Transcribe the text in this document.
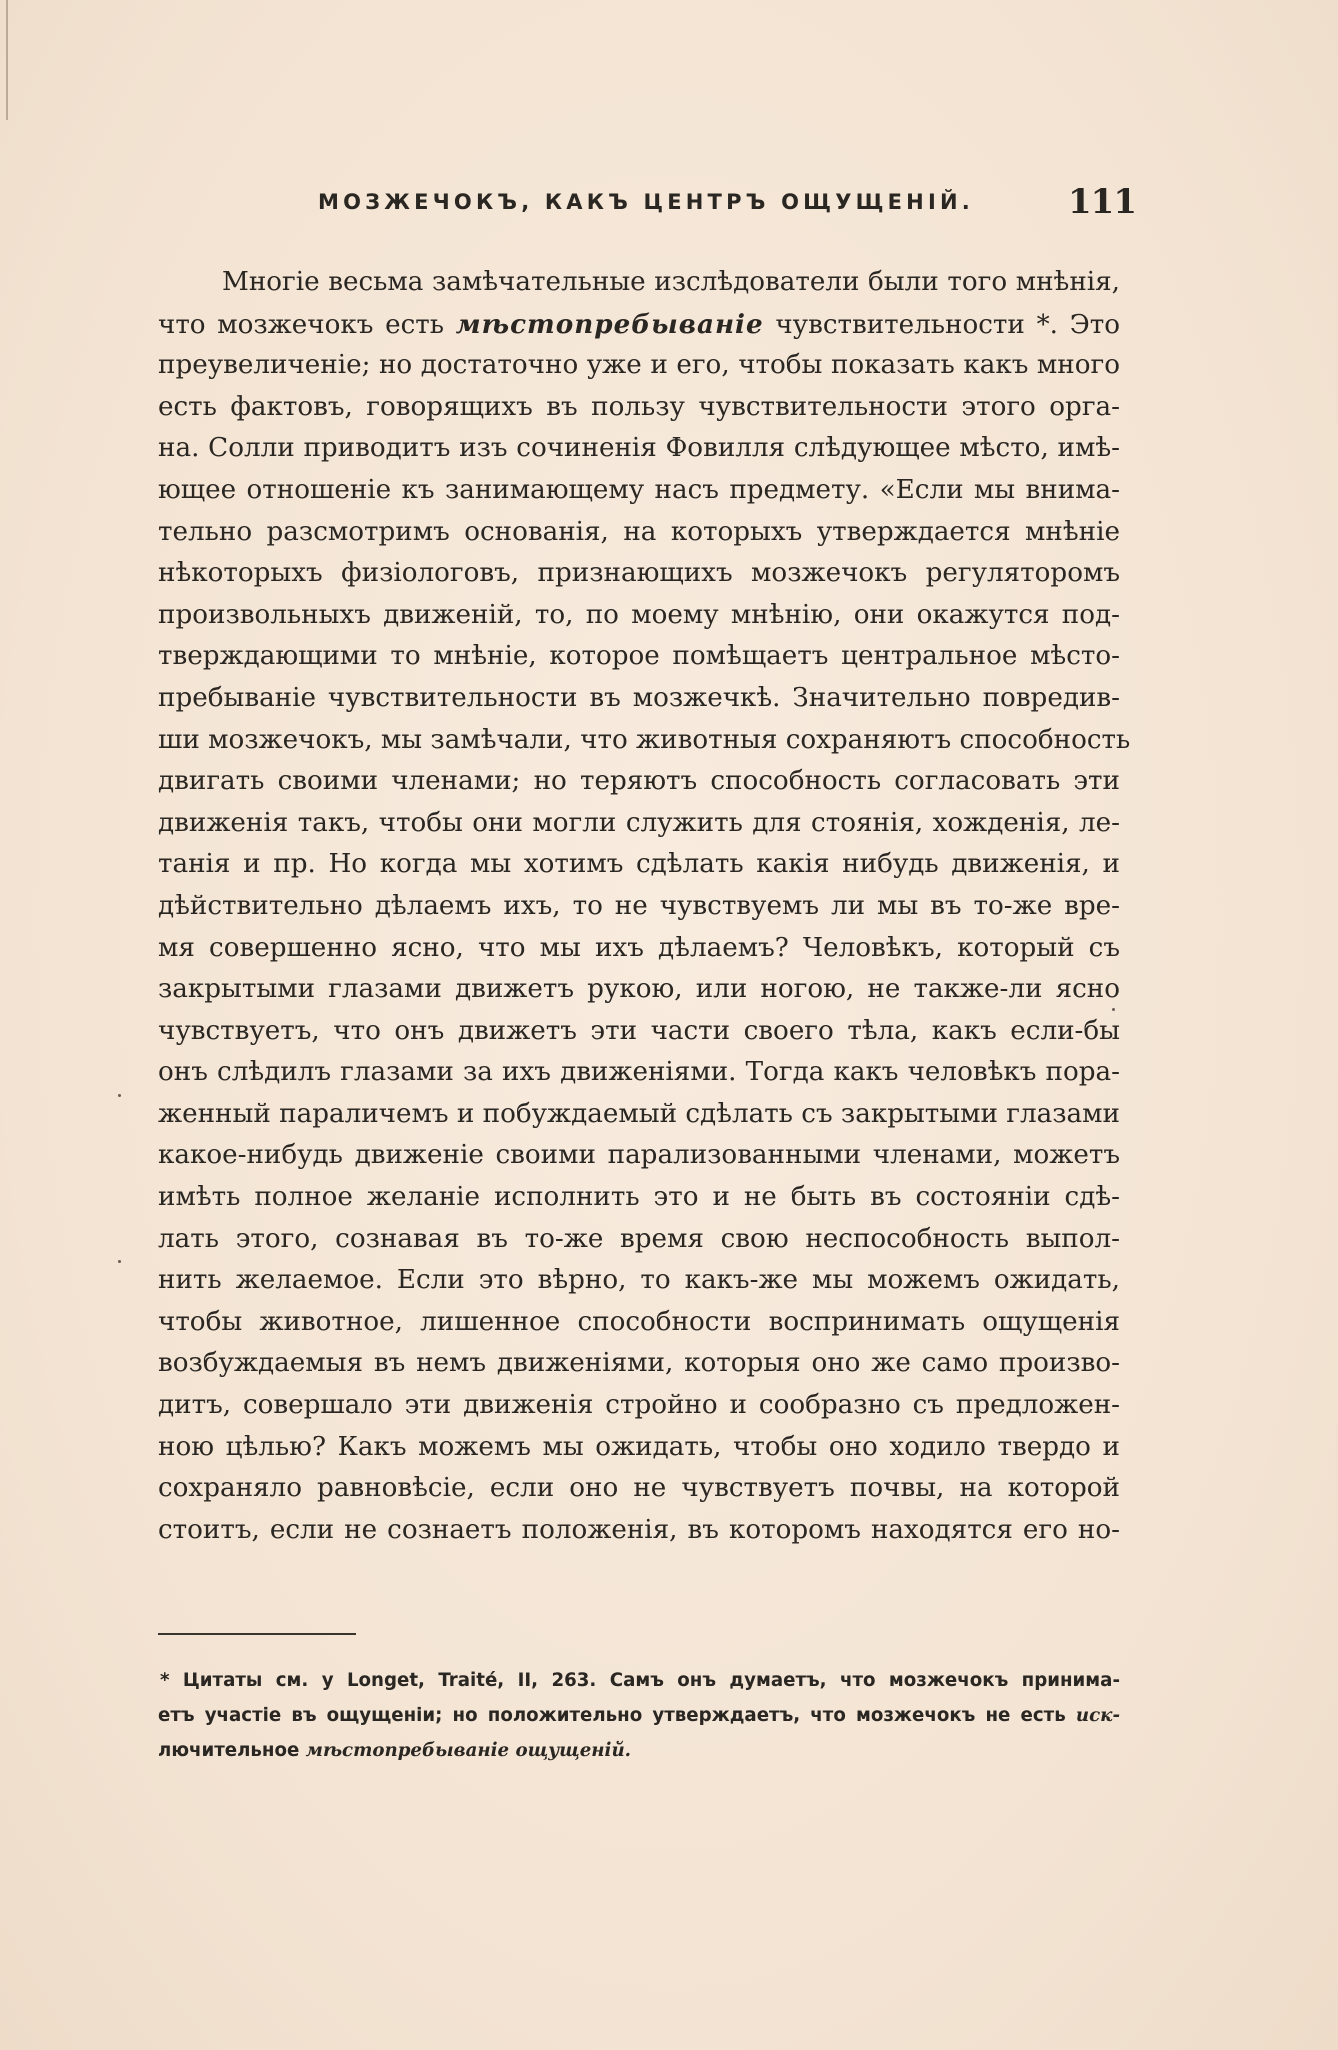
МОЗЖЕЧОКЪ, КАКЪ ЦЕНТРЪ ОЩУЩЕНІЙ.	111
Многіе весьма замѣчательные изслѣдователи были того мнѣнія,
что мозжечокъ есть мѣстопребываніе чувствительности *. Это
преувеличеніе; но достаточно уже и его, чтобы показать какъ много
есть фактовъ, говорящихъ въ пользу чувствительности этого орга-
на. Солли приводитъ изъ сочиненія Фовилля слѣдующее мѣсто, имѣ-
ющее отношеніе къ занимающему насъ предмету. «Если мы внима-
тельно разсмотримъ основанія, на которыхъ утверждается мнѣніе
нѣкоторыхъ физіологовъ, признающихъ мозжечокъ регуляторомъ
произвольныхъ движеній, то, по моему мнѣнію, они окажутся под-
тверждающими то мнѣніе, которое помѣщаетъ центральное мѣсто-
пребываніе чувствительности въ мозжечкѣ. Значительно повредив-
ши мозжечокъ, мы замѣчали, что животныя сохраняютъ способность
двигать своими членами; но теряютъ способность согласовать эти
движенія такъ, чтобы они могли служить для стоянія, хожденія, ле-
танія и пр. Но когда мы хотимъ сдѣлать какія нибудь движенія, и
дѣйствительно дѣлаемъ ихъ, то не чувствуемъ ли мы въ то-же вре-
мя совершенно ясно, что мы ихъ дѣлаемъ? Человѣкъ, который съ
закрытыми глазами движетъ рукою, или ногою, не также-ли ясно
чувствуетъ, что онъ движетъ эти части своего тѣла, какъ если-бы
онъ слѣдилъ глазами за ихъ движеніями. Тогда какъ человѣкъ пора-
женный параличемъ и побуждаемый сдѣлать съ закрытыми глазами
какое-нибудь движеніе своими парализованными членами, можетъ
имѣть полное желаніе исполнить это и не быть въ состояніи сдѣ-
лать этого, сознавая въ то-же время свою неспособность выпол-
нить желаемое. Если это вѣрно, то какъ-же мы можемъ ожидать,
чтобы животное, лишенное способности воспринимать ощущенія
возбуждаемыя въ немъ движеніями, которыя оно же само произво-
дитъ, совершало эти движенія стройно и сообразно съ предложен-
ною цѣлью? Какъ можемъ мы ожидать, чтобы оно ходило твердо и
сохраняло равновѣсіе, если оно не чувствуетъ почвы, на которой
стоитъ, если не сознаетъ положенія, въ которомъ находятся его но-
* Цитаты см. у Longet, Traité, II, 263. Самъ онъ думаетъ, что мозжечокъ принима-
етъ участіе въ ощущеніи; но положительно утверждаетъ, что мозжечокъ не есть иск-
лючительное мѣстопребываніе ощущеній.
